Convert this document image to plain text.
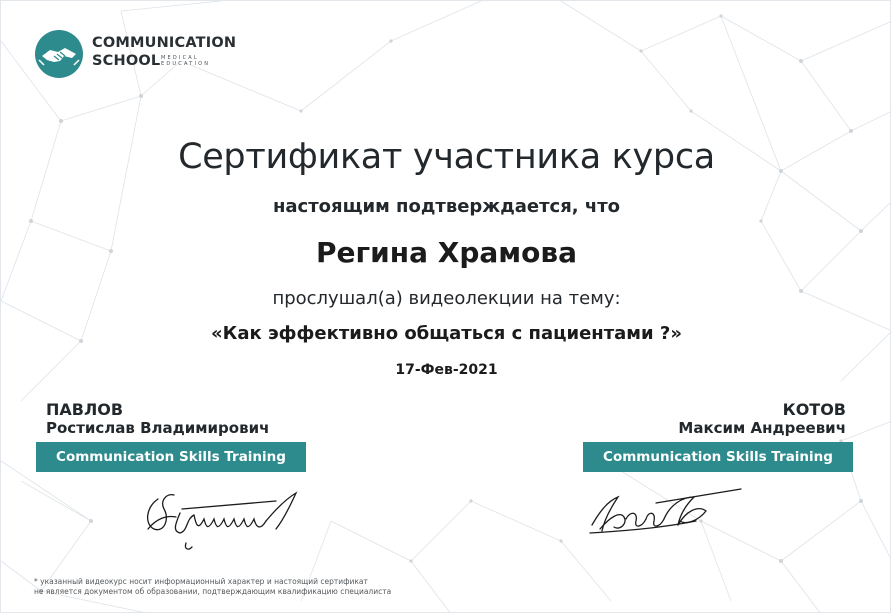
COMMUNICATION
SCHOOL MEDICAL
EDUCATION
Сертификат участника курса
настоящим подтверждается, что
Регина Храмова
прослушал(а) видеолекции на тему:
«Как эффективно общаться с пациентами ?»
17-Фев-2021
ПАВЛОВ
Ростислав Владимирович
Communication Skills Training
КОТОВ
Максим Андреевич
Communication Skills Training
* указанный видеокурс носит информационный характер и настоящий сертификат
не является документом об образовании, подтверждающим квалификацию специалиста
